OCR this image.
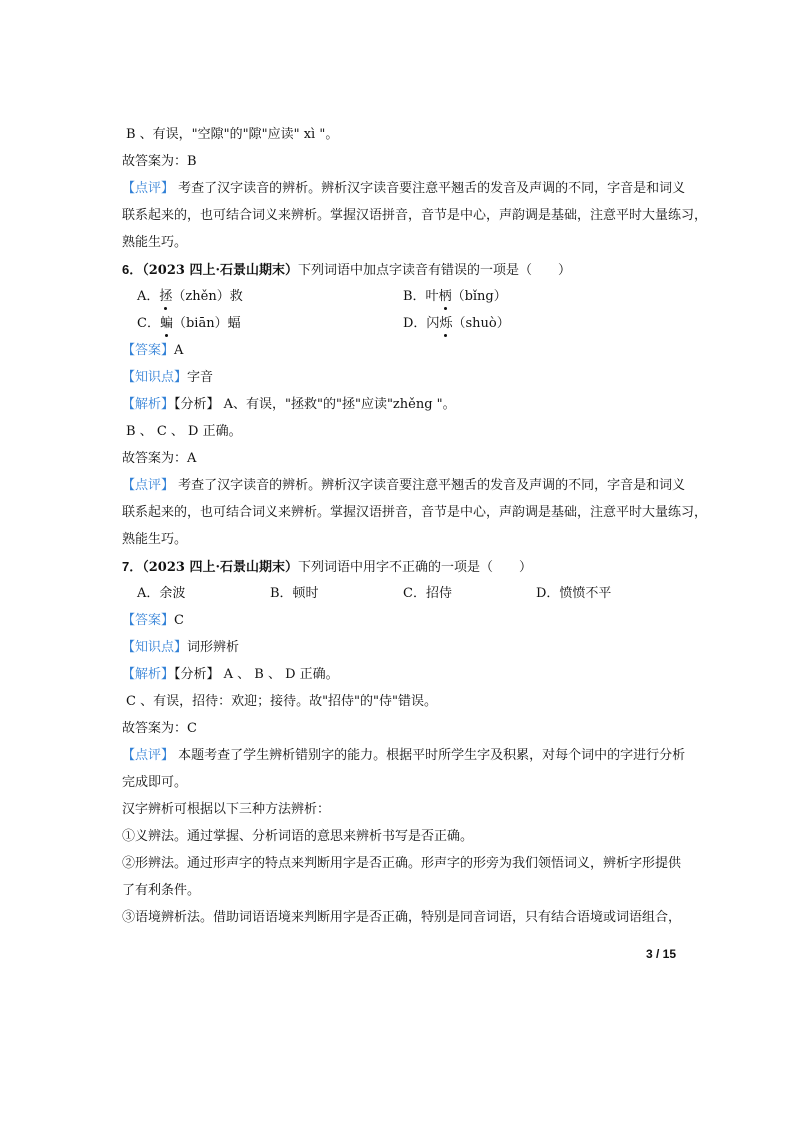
B 、有误，"空隙"的"隙"应读" xì "。
故答案为：B
【点评】 考查了汉字读音的辨析。辨析汉字读音要注意平翘舌的发音及声调的不同，字音是和词义
联系起来的，也可结合词义来辨析。掌握汉语拼音，音节是中心，声韵调是基础，注意平时大量练习，
熟能生巧。
6．（2023 四上·石景山期末）下列词语中加点字读音有错误的一项是（　　）
A．拯（zhěn）救	B．叶柄（bǐng）
C．蝙（biān）蝠	D．闪烁（shuò）
【答案】A
【知识点】字音
【解析】【分析】 A、有误，"拯救"的"拯"应读"zhěng "。
B 、 C 、 D 正确。
故答案为：A
【点评】 考查了汉字读音的辨析。辨析汉字读音要注意平翘舌的发音及声调的不同，字音是和词义
联系起来的，也可结合词义来辨析。掌握汉语拼音，音节是中心，声韵调是基础，注意平时大量练习，
熟能生巧。
7．（2023 四上·石景山期末）下列词语中用字不正确的一项是（　　）
A．余波	B．顿时	C．招侍	D．愤愤不平
【答案】C
【知识点】词形辨析
【解析】【分析】 A 、 B 、 D 正确。
C 、有误，招待：欢迎；接待。故"招侍"的"侍"错误。
故答案为：C
【点评】 本题考查了学生辨析错别字的能力。根据平时所学生字及积累，对每个词中的字进行分析
完成即可。
汉字辨析可根据以下三种方法辨析：
①义辨法。通过掌握、分析词语的意思来辨析书写是否正确。
②形辨法。通过形声字的特点来判断用字是否正确。形声字的形旁为我们领悟词义，辨析字形提供
了有利条件。
③语境辨析法。借助词语语境来判断用字是否正确，特别是同音词语，只有结合语境或词语组合，
3 / 15
